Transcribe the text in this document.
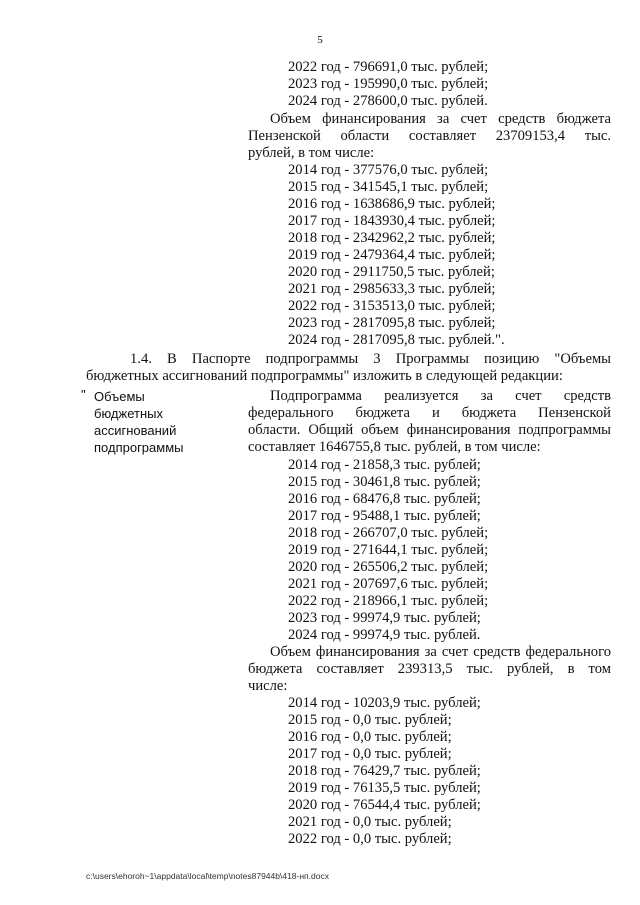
5
2022 год - 796691,0 тыс. рублей;
2023 год - 195990,0 тыс. рублей;
2024 год - 278600,0 тыс. рублей.
Объем финансирования за счет средств бюджета
Пензенской области составляет 23709153,4 тыс.
рублей, в том числе:
2014 год - 377576,0 тыс. рублей;
2015 год - 341545,1 тыс. рублей;
2016 год - 1638686,9 тыс. рублей;
2017 год - 1843930,4 тыс. рублей;
2018 год - 2342962,2 тыс. рублей;
2019 год - 2479364,4 тыс. рублей;
2020 год - 2911750,5 тыс. рублей;
2021 год - 2985633,3 тыс. рублей;
2022 год - 3153513,0 тыс. рублей;
2023 год - 2817095,8 тыс. рублей;
2024 год - 2817095,8 тыс. рублей.".
1.4. В Паспорте подпрограммы 3 Программы позицию "Объемы
бюджетных ассигнований подпрограммы" изложить в следующей редакции:
" Объемы
бюджетных
ассигнований
подпрограммы
Подпрограмма реализуется за счет средств
федерального бюджета и бюджета Пензенской
области. Общий объем финансирования подпрограммы
составляет 1646755,8 тыс. рублей, в том числе:
2014 год - 21858,3 тыс. рублей;
2015 год - 30461,8 тыс. рублей;
2016 год - 68476,8 тыс. рублей;
2017 год - 95488,1 тыс. рублей;
2018 год - 266707,0 тыс. рублей;
2019 год - 271644,1 тыс. рублей;
2020 год - 265506,2 тыс. рублей;
2021 год - 207697,6 тыс. рублей;
2022 год - 218966,1 тыс. рублей;
2023 год - 99974,9 тыс. рублей;
2024 год - 99974,9 тыс. рублей.
Объем финансирования за счет средств федерального
бюджета составляет 239313,5 тыс. рублей, в том
числе:
2014 год - 10203,9 тыс. рублей;
2015 год - 0,0 тыс. рублей;
2016 год - 0,0 тыс. рублей;
2017 год - 0,0 тыс. рублей;
2018 год - 76429,7 тыс. рублей;
2019 год - 76135,5 тыс. рублей;
2020 год - 76544,4 тыс. рублей;
2021 год - 0,0 тыс. рублей;
2022 год - 0,0 тыс. рублей;
c:\users\ehoroh~1\appdata\local\temp\notes87944b\418-нп.docx
